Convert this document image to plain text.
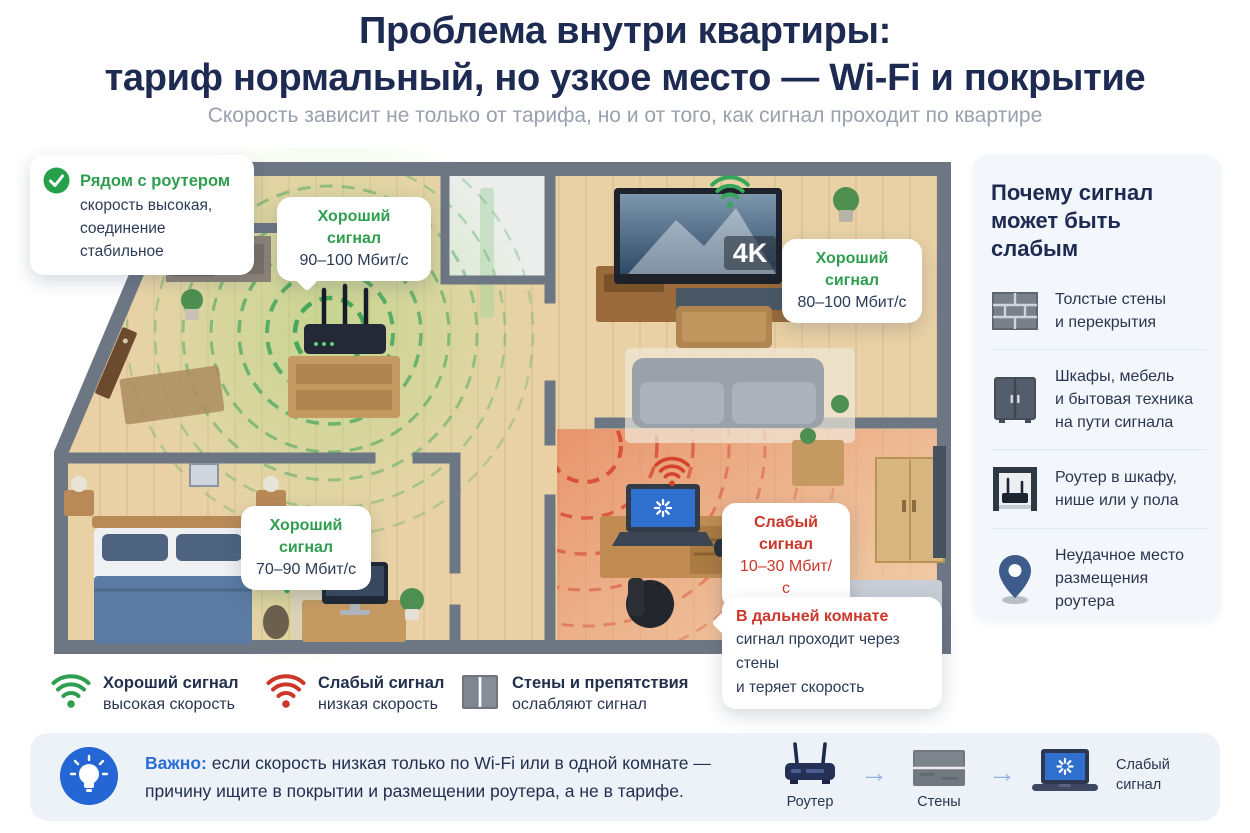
Проблема внутри квартиры:
тариф нормальный, но узкое место — Wi-Fi и покрытие
Скорость зависит не только от тарифа, но и от того, как сигнал проходит по квартире
4K
Рядом с роутером
скорость высокая,
соединение стабильное
Хороший сигнал
90–100 Мбит/с	Хороший сигнал
80–100 Мбит/с
Хороший сигнал
70–90 Мбит/с
Слабый сигнал
10–30 Мбит/с
В дальней комнате
сигнал проходит через стены
и теряет скорость
Почему сигнал
может быть слабым
Толстые стены
и перекрытия
Шкафы, мебель
и бытовая техника
на пути сигнала
Роутер в шкафу,
нише или у пола
Неудачное место
размещения роутера
Хороший сигнал
высокая скорость
Слабый сигнал
низкая скорость
Стены и препятствия
ослабляют сигнал
Важно: если скорость низкая только по Wi-Fi или в одной комнате —
причину ищите в покрытии и размещении роутера, а не в тарифе.
Роутер
→
Стены
→	Слабый
сигнал
